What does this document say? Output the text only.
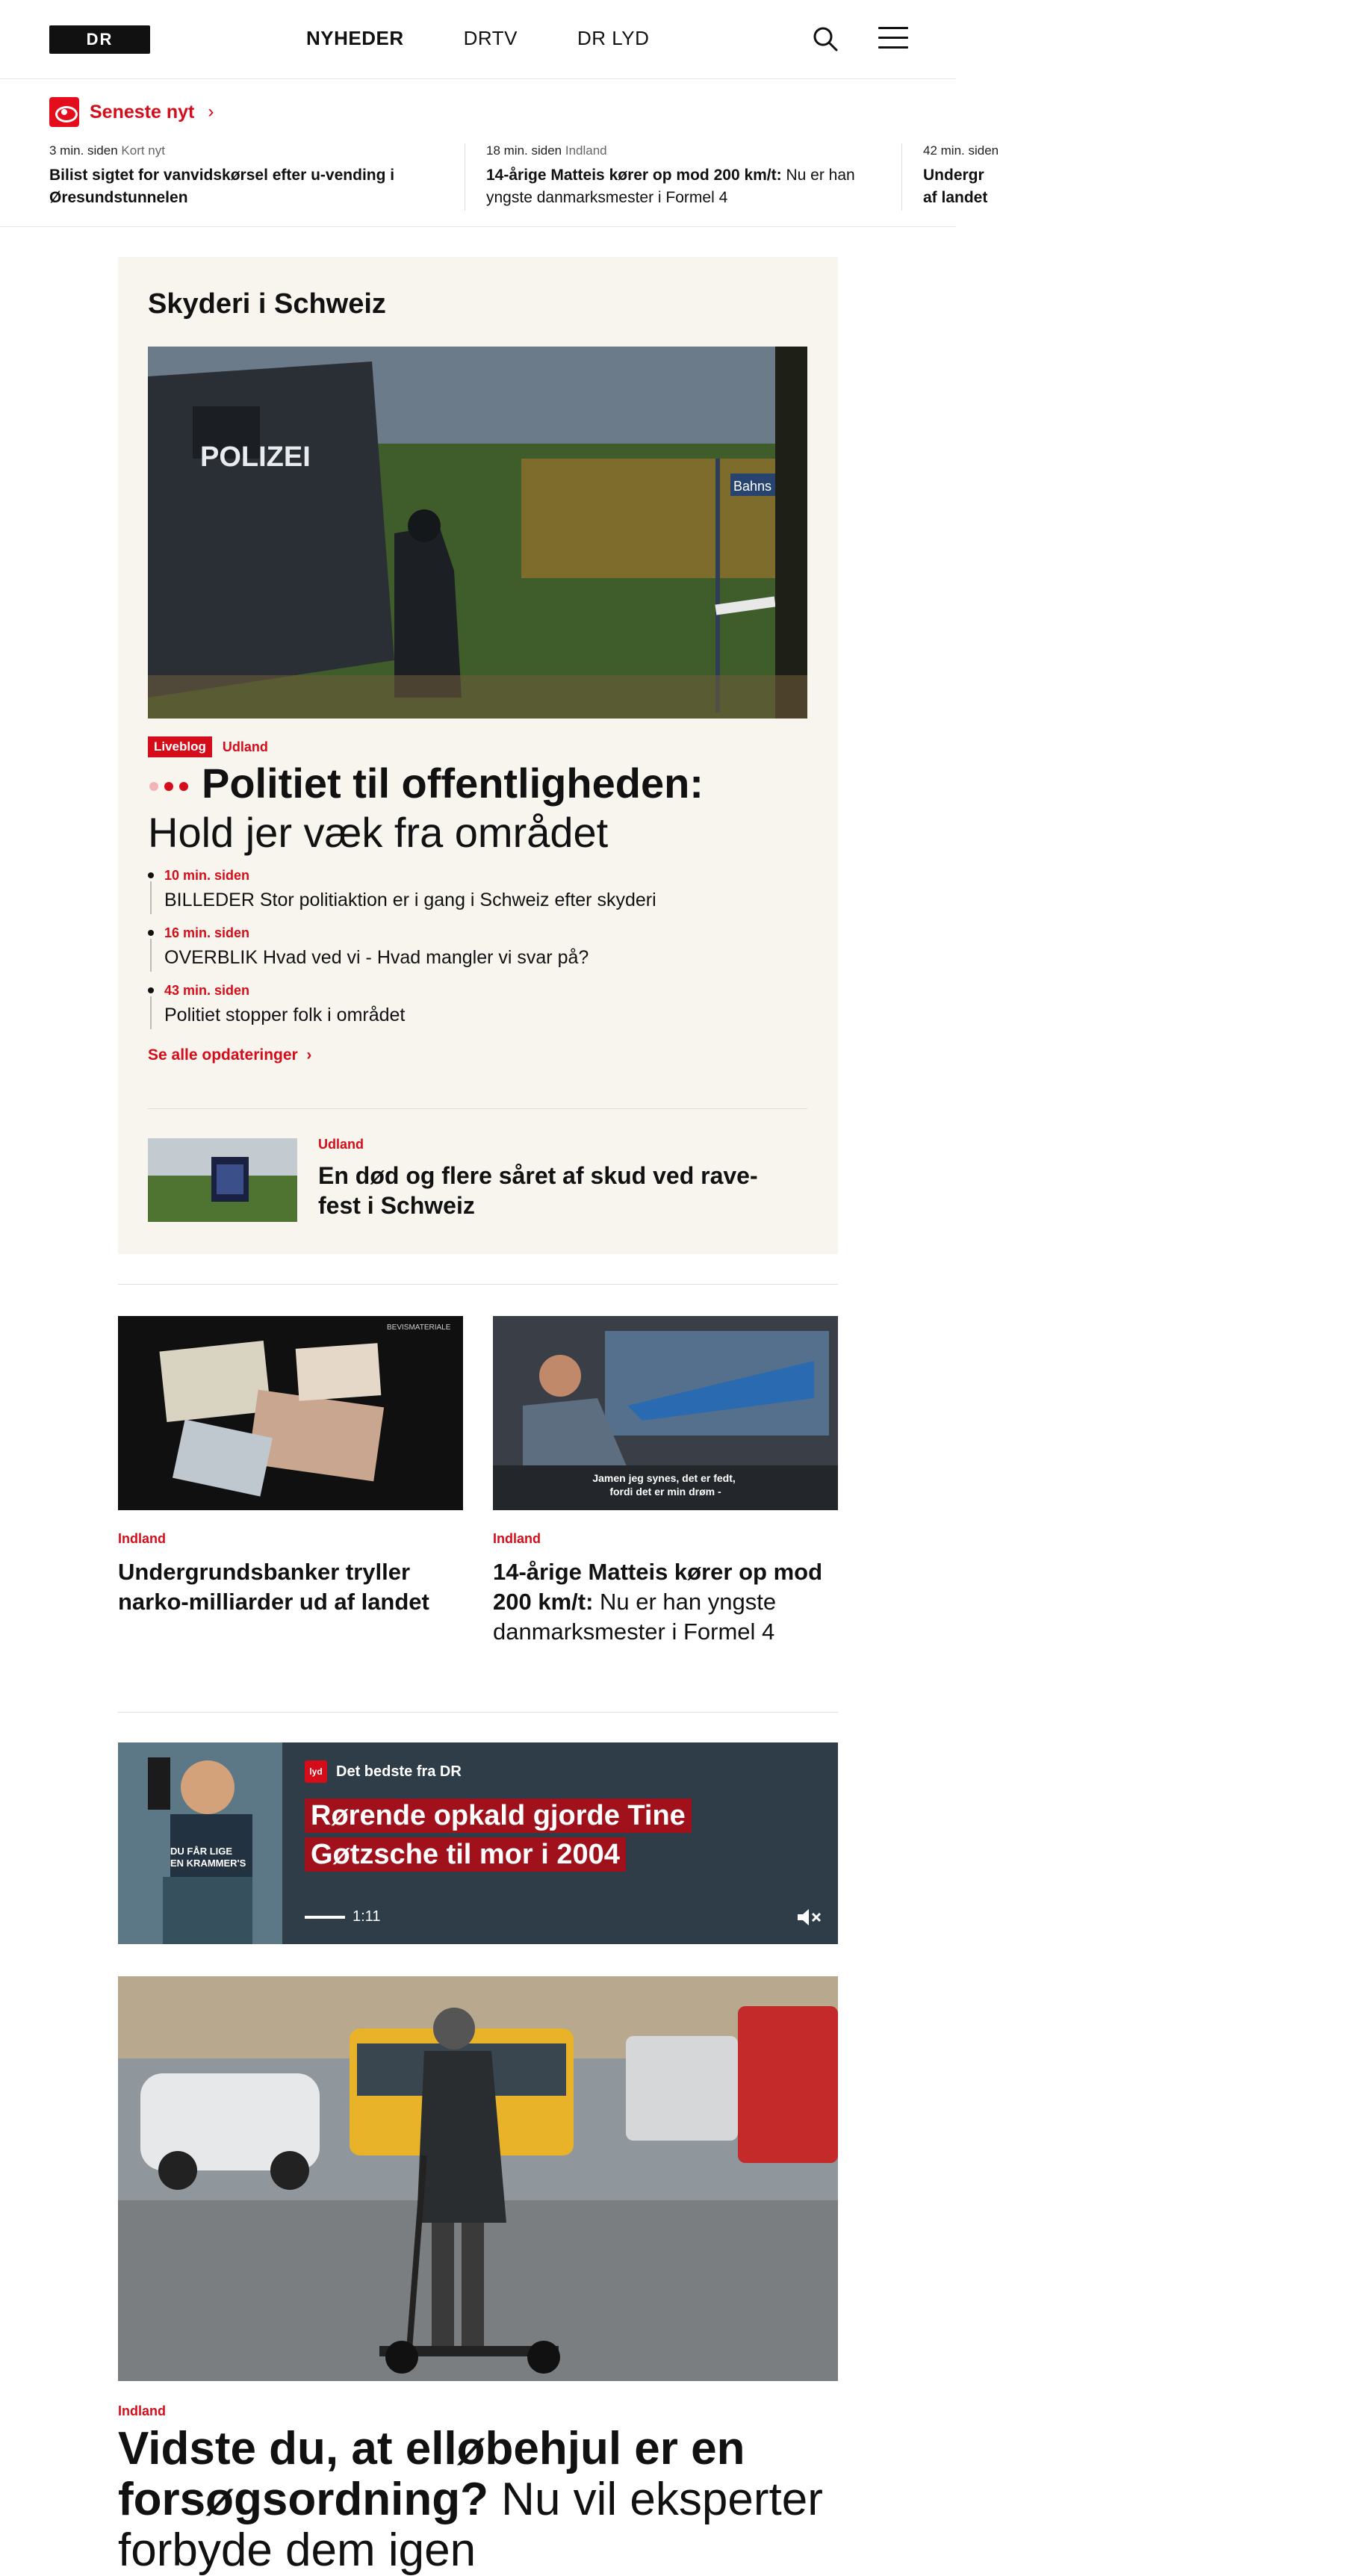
DR	NYHEDER	DRTV	DR LYD
Seneste nyt ›
3 min. siden Kort nyt
Bilist sigtet for vanvidskørsel efter u-vending i Øresundstunnelen
18 min. siden Indland
14-årige Matteis kører op mod 200 km/t: Nu er han yngste danmarksmester i Formel 4
42 min. siden
Undergr
af landet
Skyderi i Schweiz
POLIZEI
Bahns
Liveblog	Udland
Politiet til offentligheden:
Hold jer væk fra området
10 min. siden
BILLEDER Stor politiaktion er i gang i Schweiz efter skyderi
16 min. siden
OVERBLIK Hvad ved vi - Hvad mangler vi svar på?
43 min. siden
Politiet stopper folk i området
Se alle opdateringer  ›
Udland
En død og flere såret af skud ved rave-fest i Schweiz
BEVISMATERIALE
Indland
Undergrundsbanker tryller narko-milliarder ud af landet
Jamen jeg synes, det er fedt, fordi det er min drøm -
Indland
14-årige Matteis kører op mod 200 km/t: Nu er han yngste danmarksmester i Formel 4
DU FÅR LIGE EN KRAMMER'S
lyd Det bedste fra DR
Rørende opkald gjorde Tine Gøtzsche til mor i 2004
1:11
Indland
Vidste du, at elløbehjul er en forsøgsordning? Nu vil eksperter forbyde dem igen
